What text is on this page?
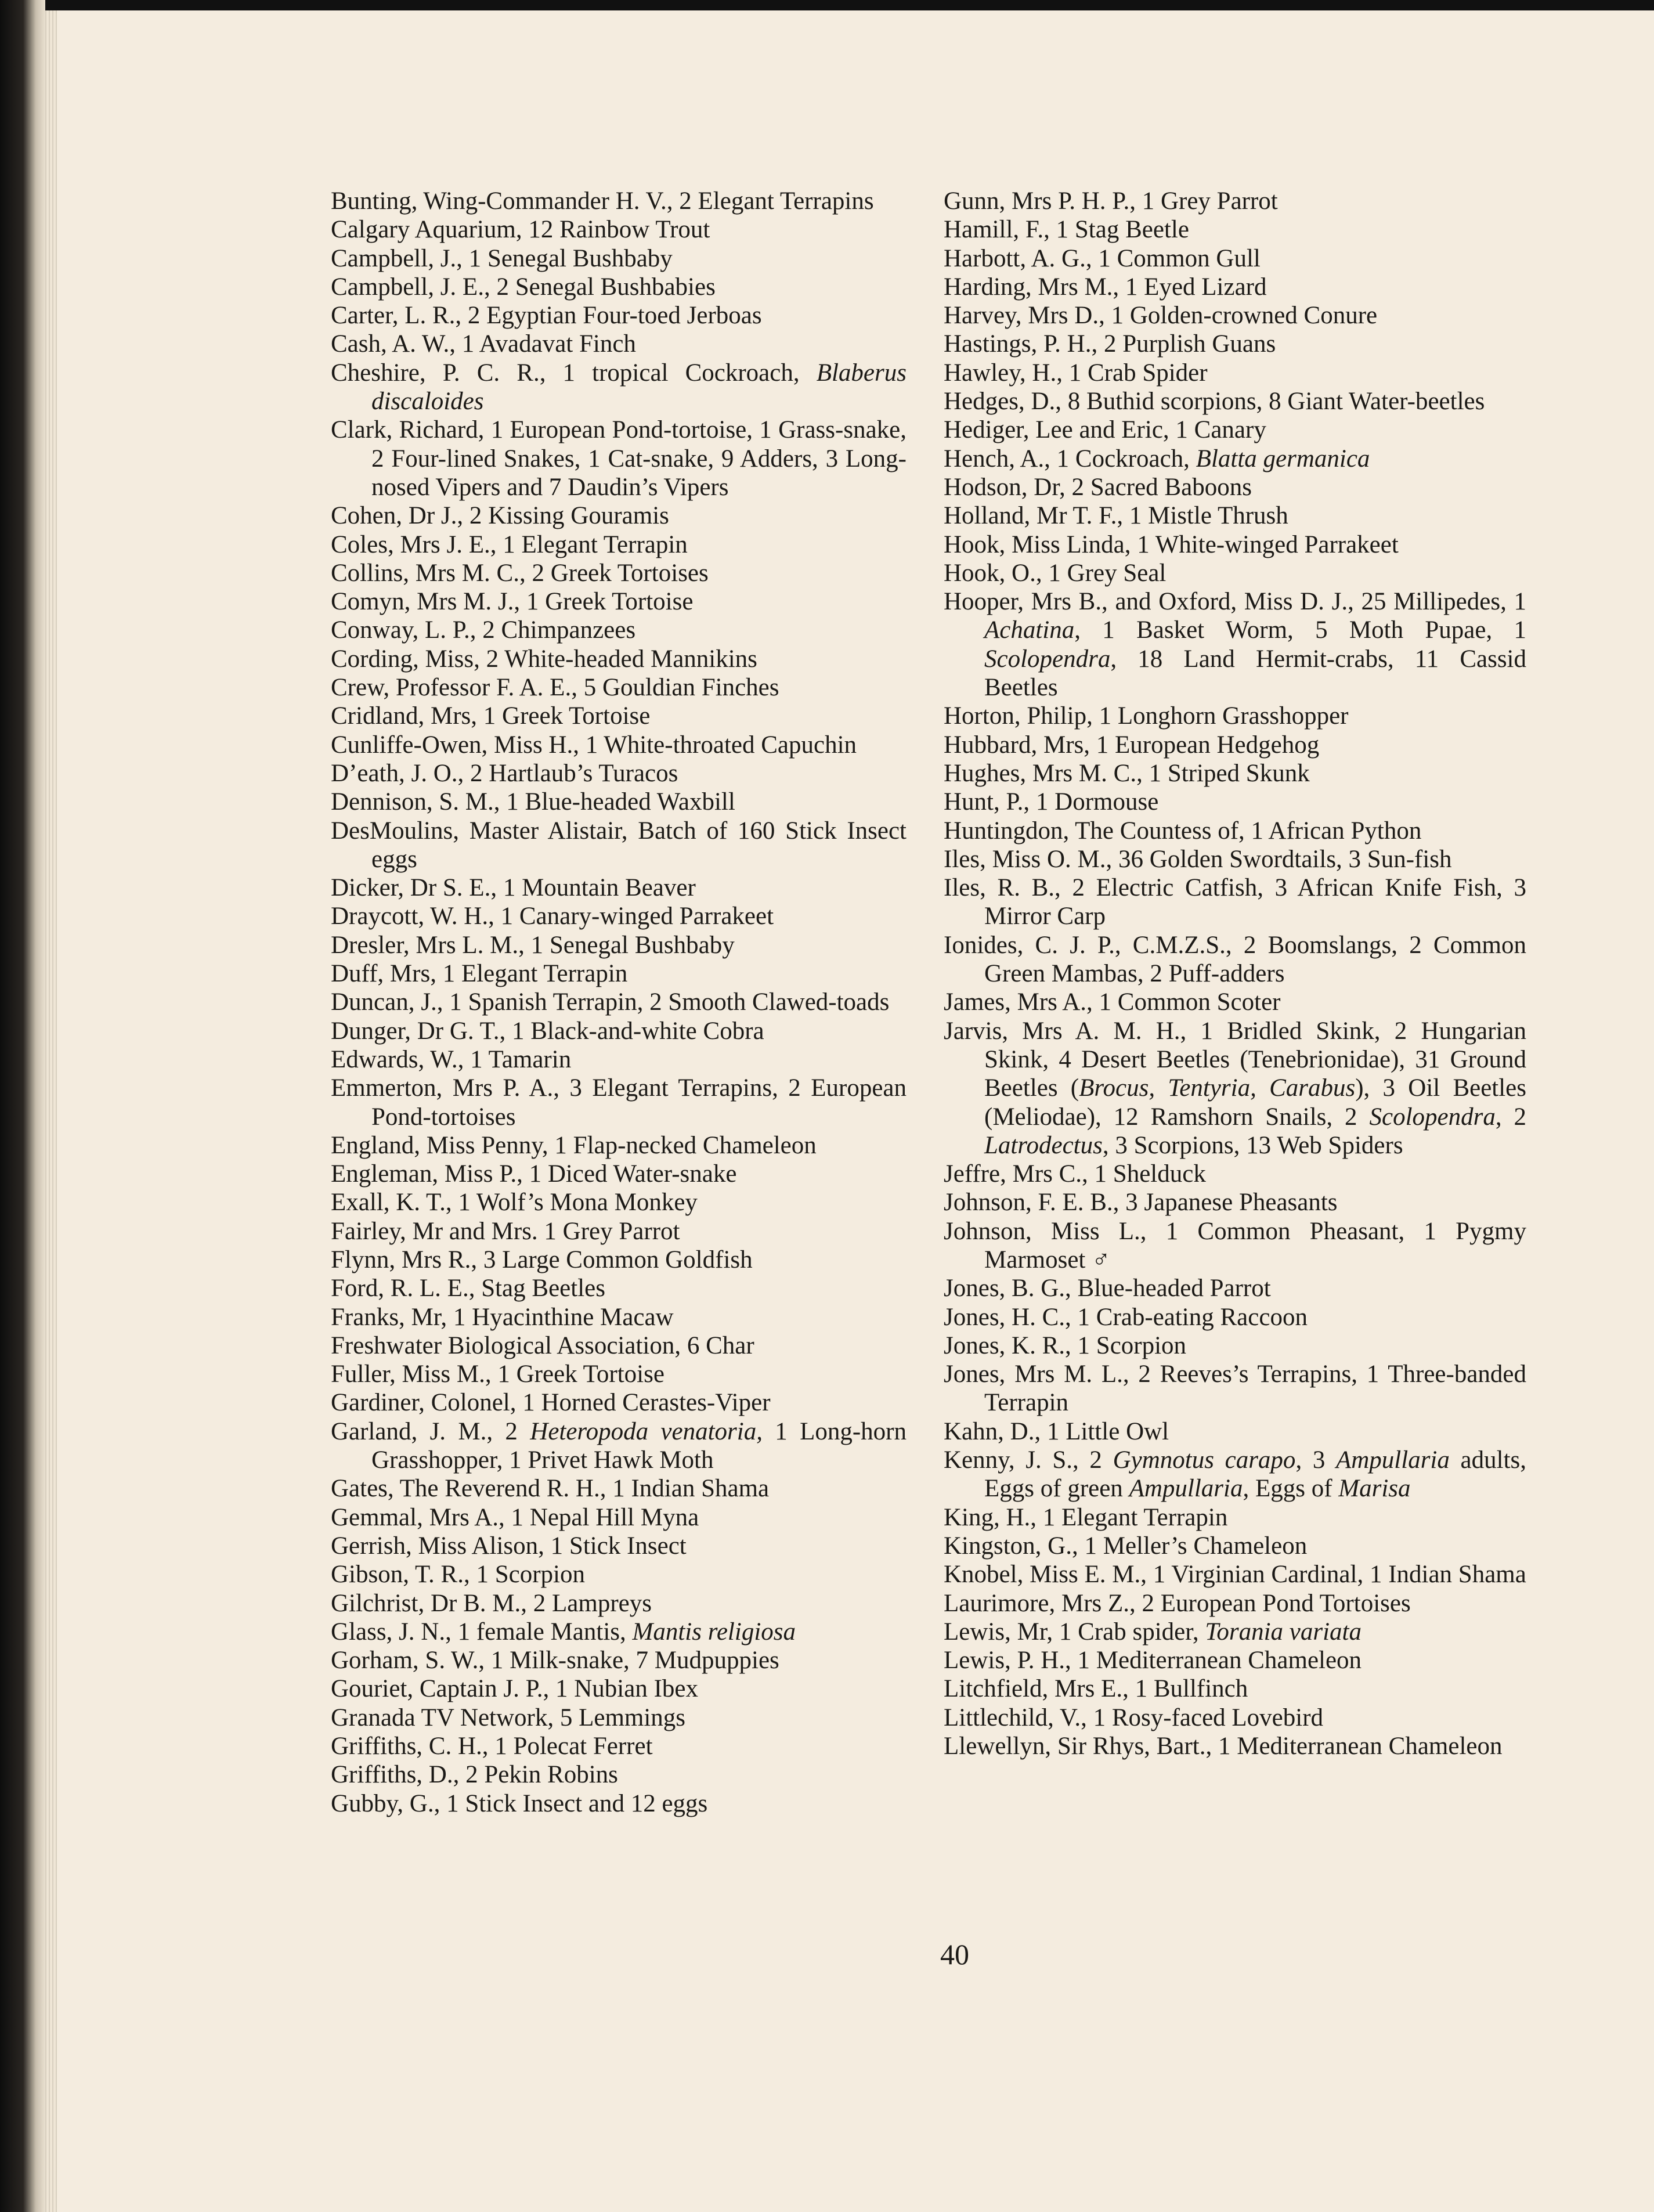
Bunting, Wing-Commander H. V., 2 Elegant Terrapins

Calgary Aquarium, 12 Rainbow Trout

Campbell, J., 1 Senegal Bushbaby

Campbell, J. E., 2 Senegal Bushbabies

Carter, L. R., 2 Egyptian Four-toed Jerboas

Cash, A. W., 1 Avadavat Finch

Cheshire, P. C. R., 1 tropical Cockroach, Blaberus discaloides

Clark, Richard, 1 European Pond-tortoise, 1 Grass-snake, 2 Four-lined Snakes, 1 Cat-snake, 9 Adders, 3 Long-nosed Vipers and 7 Daudin’s Vipers

Cohen, Dr J., 2 Kissing Gouramis

Coles, Mrs J. E., 1 Elegant Terrapin

Collins, Mrs M. C., 2 Greek Tortoises

Comyn, Mrs M. J., 1 Greek Tortoise

Conway, L. P., 2 Chimpanzees

Cording, Miss, 2 White-headed Mannikins

Crew, Professor F. A. E., 5 Gouldian Finches

Cridland, Mrs, 1 Greek Tortoise

Cunliffe-Owen, Miss H., 1 White-throated Capuchin

D’eath, J. O., 2 Hartlaub’s Turacos

Dennison, S. M., 1 Blue-headed Waxbill

DesMoulins, Master Alistair, Batch of 160 Stick Insect eggs

Dicker, Dr S. E., 1 Mountain Beaver

Draycott, W. H., 1 Canary-winged Parrakeet

Dresler, Mrs L. M., 1 Senegal Bushbaby

Duff, Mrs, 1 Elegant Terrapin

Duncan, J., 1 Spanish Terrapin, 2 Smooth Clawed-toads

Dunger, Dr G. T., 1 Black-and-white Cobra

Edwards, W., 1 Tamarin

Emmerton, Mrs P. A., 3 Elegant Terrapins, 2 European Pond-tortoises

England, Miss Penny, 1 Flap-necked Chameleon

Engleman, Miss P., 1 Diced Water-snake

Exall, K. T., 1 Wolf’s Mona Monkey

Fairley, Mr and Mrs. 1 Grey Parrot

Flynn, Mrs R., 3 Large Common Goldfish

Ford, R. L. E., Stag Beetles

Franks, Mr, 1 Hyacinthine Macaw

Freshwater Biological Association, 6 Char

Fuller, Miss M., 1 Greek Tortoise

Gardiner, Colonel, 1 Horned Cerastes-Viper

Garland, J. M., 2 Heteropoda venatoria, 1 Long-horn Grasshopper, 1 Privet Hawk Moth

Gates, The Reverend R. H., 1 Indian Shama

Gemmal, Mrs A., 1 Nepal Hill Myna

Gerrish, Miss Alison, 1 Stick Insect

Gibson, T. R., 1 Scorpion

Gilchrist, Dr B. M., 2 Lampreys

Glass, J. N., 1 female Mantis, Mantis religiosa

Gorham, S. W., 1 Milk-snake, 7 Mudpuppies

Gouriet, Captain J. P., 1 Nubian Ibex

Granada TV Network, 5 Lemmings

Griffiths, C. H., 1 Polecat Ferret

Griffiths, D., 2 Pekin Robins

Gubby, G., 1 Stick Insect and 12 eggs

Gunn, Mrs P. H. P., 1 Grey Parrot

Hamill, F., 1 Stag Beetle

Harbott, A. G., 1 Common Gull

Harding, Mrs M., 1 Eyed Lizard

Harvey, Mrs D., 1 Golden-crowned Conure

Hastings, P. H., 2 Purplish Guans

Hawley, H., 1 Crab Spider

Hedges, D., 8 Buthid scorpions, 8 Giant Water-beetles

Hediger, Lee and Eric, 1 Canary

Hench, A., 1 Cockroach, Blatta germanica

Hodson, Dr, 2 Sacred Baboons

Holland, Mr T. F., 1 Mistle Thrush

Hook, Miss Linda, 1 White-winged Parrakeet

Hook, O., 1 Grey Seal

Hooper, Mrs B., and Oxford, Miss D. J., 25 Millipedes, 1 Achatina, 1 Basket Worm, 5 Moth Pupae, 1 Scolopendra, 18 Land Hermit-crabs, 11 Cassid Beetles

Horton, Philip, 1 Longhorn Grasshopper

Hubbard, Mrs, 1 European Hedgehog

Hughes, Mrs M. C., 1 Striped Skunk

Hunt, P., 1 Dormouse

Huntingdon, The Countess of, 1 African Python

Iles, Miss O. M., 36 Golden Swordtails, 3 Sun-fish

Iles, R. B., 2 Electric Catfish, 3 African Knife Fish, 3 Mirror Carp

Ionides, C. J. P., C.M.Z.S., 2 Boomslangs, 2 Common Green Mambas, 2 Puff-adders

James, Mrs A., 1 Common Scoter

Jarvis, Mrs A. M. H., 1 Bridled Skink, 2 Hungarian Skink, 4 Desert Beetles (Tenebrionidae), 31 Ground Beetles (Brocus, Tentyria, Carabus), 3 Oil Beetles (Meliodae), 12 Ramshorn Snails, 2 Scolopendra, 2 Latrodectus, 3 Scorpions, 13 Web Spiders

Jeffre, Mrs C., 1 Shelduck

Johnson, F. E. B., 3 Japanese Pheasants

Johnson, Miss L., 1 Common Pheasant, 1 Pygmy Marmoset ♂

Jones, B. G., Blue-headed Parrot

Jones, H. C., 1 Crab-eating Raccoon

Jones, K. R., 1 Scorpion

Jones, Mrs M. L., 2 Reeves’s Terrapins, 1 Three-banded Terrapin

Kahn, D., 1 Little Owl

Kenny, J. S., 2 Gymnotus carapo, 3 Ampullaria adults, Eggs of green Ampullaria, Eggs of Marisa

King, H., 1 Elegant Terrapin

Kingston, G., 1 Meller’s Chameleon

Knobel, Miss E. M., 1 Virginian Cardinal, 1 Indian Shama

Laurimore, Mrs Z., 2 European Pond Tortoises

Lewis, Mr, 1 Crab spider, Torania variata

Lewis, P. H., 1 Mediterranean Chameleon

Litchfield, Mrs E., 1 Bullfinch

Littlechild, V., 1 Rosy-faced Lovebird

Llewellyn, Sir Rhys, Bart., 1 Mediterranean Chameleon

40
